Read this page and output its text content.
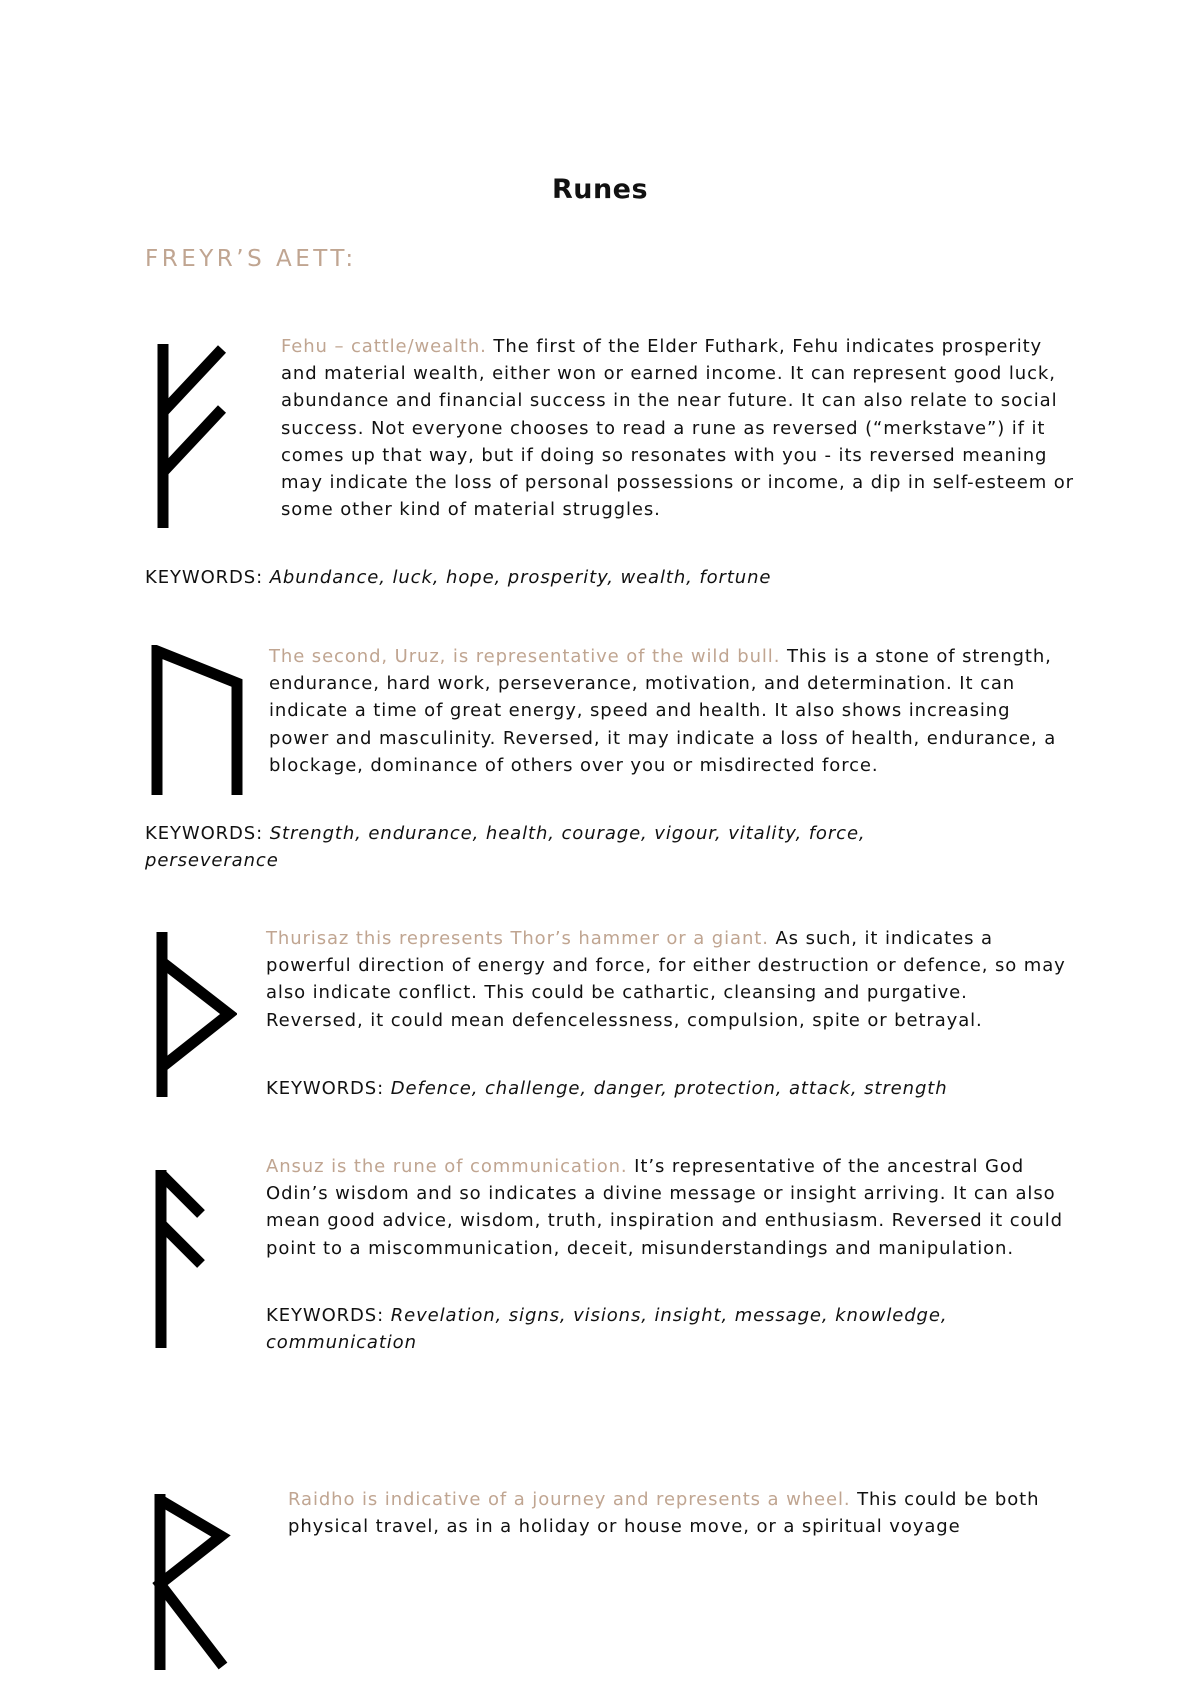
Runes
FREYR’S AETT:

Fehu – cattle/wealth. The first of the Elder Futhark, Fehu indicates prosperity and material wealth, either won or earned income. It can represent good luck, abundance and financial success in the near future. It can also relate to social success. Not everyone chooses to read a rune as reversed (“merkstave”) if it comes up that way, but if doing so resonates with you - its reversed meaning may indicate the loss of personal possessions or income, a dip in self-esteem or some other kind of material struggles.

KEYWORDS: Abundance, luck, hope, prosperity, wealth, fortune

The second, Uruz, is representative of the wild bull. This is a stone of strength, endurance, hard work, perseverance, motivation, and determination. It can indicate a time of great energy, speed and health. It also shows increasing power and masculinity. Reversed, it may indicate a loss of health, endurance, a blockage, dominance of others over you or misdirected force.

KEYWORDS: Strength, endurance, health, courage, vigour, vitality, force, perseverance

Thurisaz this represents Thor’s hammer or a giant. As such, it indicates a powerful direction of energy and force, for either destruction or defence, so may also indicate conflict. This could be cathartic, cleansing and purgative. Reversed, it could mean defencelessness, compulsion, spite or betrayal.

KEYWORDS: Defence, challenge, danger, protection, attack, strength

Ansuz is the rune of communication. It’s representative of the ancestral God Odin’s wisdom and so indicates a divine message or insight arriving. It can also mean good advice, wisdom, truth, inspiration and enthusiasm. Reversed it could point to a miscommunication, deceit, misunderstandings and manipulation.

KEYWORDS: Revelation, signs, visions, insight, message, knowledge, communication

Raidho is indicative of a journey and represents a wheel. This could be both physical travel, as in a holiday or house move, or a spiritual voyage
